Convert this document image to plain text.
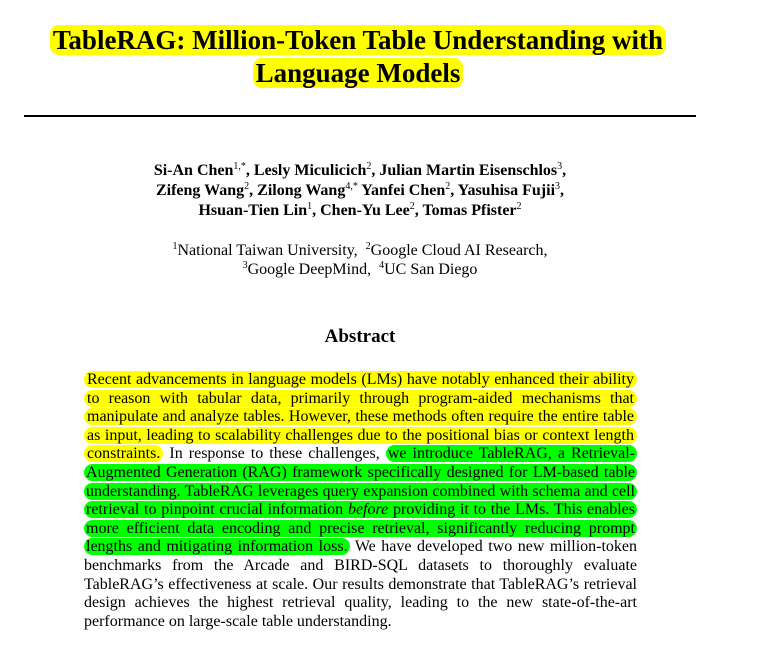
TableRAG: Million-Token Table Understanding with
Language Models
Si-An Chen$^{1,*}$, Lesly Miculicich$^2$, Julian Martin Eisenschlos$^3$,
Zifeng Wang$^2$, Zilong Wang$^{4,*}$ Yanfei Chen$^2$, Yasuhisa Fujii$^3$,
Hsuan-Tien Lin$^1$, Chen-Yu Lee$^2$, Tomas Pfister$^2$
$^1$National Taiwan University, $^2$Google Cloud AI Research,
$^3$Google DeepMind, $^4$UC San Diego
Abstract

Recent advancements in language models (LMs) have notably enhanced their ability to reason with tabular data, primarily through program-aided mechanisms that manipulate and analyze tables. However, these methods often require the entire table as input, leading to scalability challenges due to the positional bias or context length constraints. In response to these challenges, we introduce TableRAG, a Retrieval-Augmented Generation (RAG) framework specifically designed for LM-based table understanding. TableRAG leverages query expansion combined with schema and cell retrieval to pinpoint crucial information before providing it to the LMs. This enables more efficient data encoding and precise retrieval, significantly reducing prompt lengths and mitigating information loss. We have developed two new million-token benchmarks from the Arcade and BIRD-SQL datasets to thoroughly evaluate TableRAG’s effectiveness at scale. Our results demonstrate that TableRAG’s retrieval design achieves the highest retrieval quality, leading to the new state-of-the-art performance on large-scale table understanding.
